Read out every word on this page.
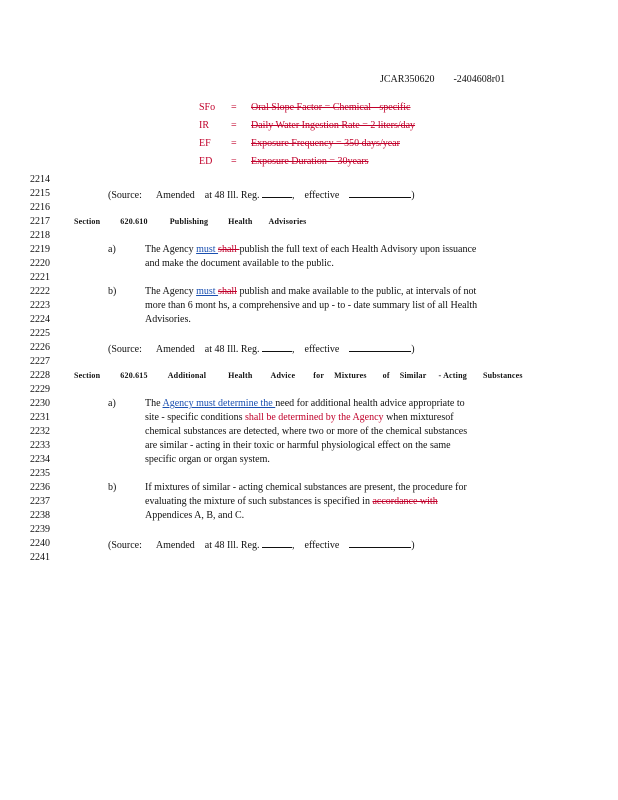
JCAR350620 -2404608r01
SFo = Oral Slope Factor = Chemical - specific
IR = Daily Water Ingestion Rate = 2 liters/day
EF = Exposure Frequency = 350 days/year
ED = Exposure Duration = 30years
2214
2215
2216
2217
2218
2219
2220
2221
2222
2223
2224
2225
2226
2227
2228
2229
2230
2231
2232
2233
2234
2235
2236
2237
2238
2239
2240
2241
(Source: Amended at 48 Ill. Reg.	, effective	)
Section	620.610	Publishing	Health Advisories
a)	The Agency must shall publish the full text of each Health Advisory upon issuance
and make the document available to the public.
b)	The Agency must shall publish and make available to the public, at intervals of not
more than 6 mont hs, a comprehensive and up - to - date summary list of all Health
Advisories.
(Source: Amended at 48 Ill. Reg.	, effective	)
Section	620.615	Additional	Health Advice for Mixtures of Similar - Acting Substances
a)	The Agency must determine the need for additional health advice appropriate to
site - specific conditions shall be determined by the Agency when mixturesof
chemical substances are detected, where two or more of the chemical substances
are similar - acting in their toxic or harmful physiological effect on the same
specific organ or organ system.
b)	If mixtures of similar - acting chemical substances are present, the procedure for
evaluating the mixture of such substances is specified in accordance with
Appendices A, B, and C.
(Source: Amended at 48 Ill. Reg.	, effective	)
